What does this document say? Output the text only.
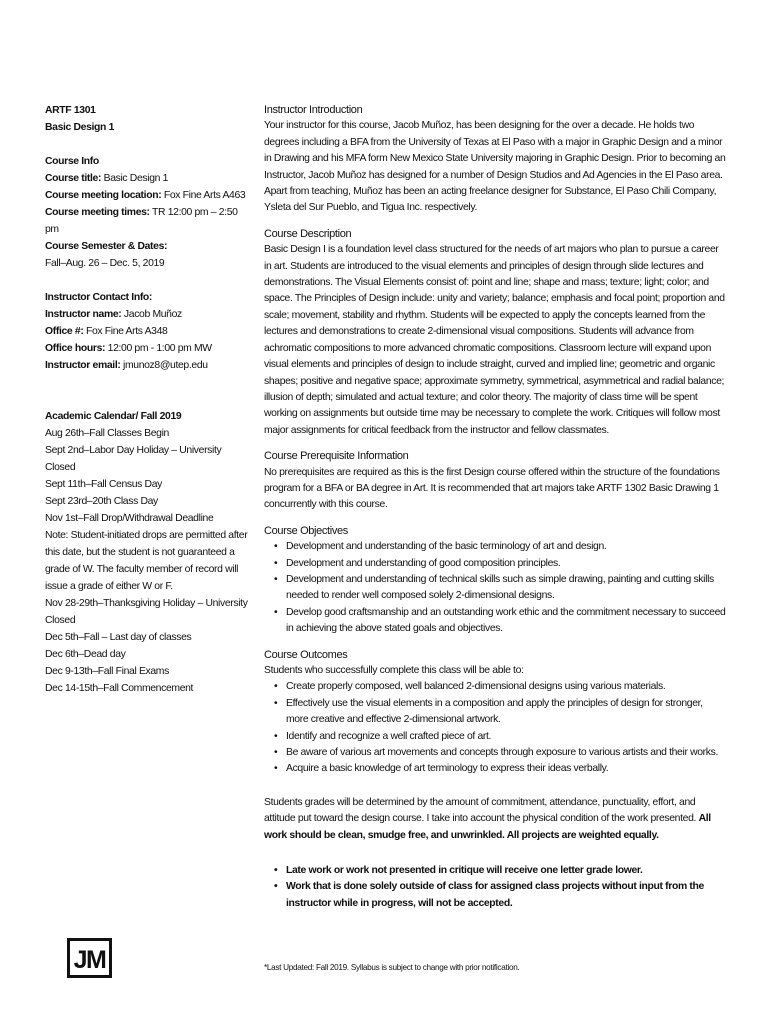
ARTF 1301
Basic Design 1
Course Info
Course title: Basic Design 1
Course meeting location: Fox Fine Arts A463
Course meeting times: TR 12:00 pm – 2:50 pm
Course Semester & Dates:
Fall–Aug. 26 – Dec. 5, 2019
Instructor Contact Info:
Instructor name: Jacob Muñoz
Office #: Fox Fine Arts A348
Office hours: 12:00 pm - 1:00 pm MW
Instructor email: jmunoz8@utep.edu
Academic Calendar/ Fall 2019
Aug 26th–Fall Classes Begin
Sept 2nd–Labor Day Holiday – University Closed
Sept 11th–Fall Census Day
Sept 23rd–20th Class Day
Nov 1st–Fall Drop/Withdrawal Deadline
Note: Student-initiated drops are permitted after this date, but the student is not guaranteed a grade of W. The faculty member of record will issue a grade of either W or F.
Nov 28-29th–Thanksgiving Holiday – University Closed
Dec 5th–Fall – Last day of classes
Dec 6th–Dead day
Dec 9-13th–Fall Final Exams
Dec 14-15th–Fall Commencement
Instructor Introduction
Your instructor for this course, Jacob Muñoz, has been designing for the over a decade. He holds two degrees including a BFA from the University of Texas at El Paso with a major in Graphic Design and a minor in Drawing and his MFA form New Mexico State University majoring in Graphic Design. Prior to becoming an Instructor, Jacob Muñoz has designed for a number of Design Studios and Ad Agencies in the El Paso area. Apart from teaching, Muñoz has been an acting freelance designer for Substance, El Paso Chili Company, Ysleta del Sur Pueblo, and Tigua Inc. respectively.
Course Description
Basic Design I is a foundation level class structured for the needs of art majors who plan to pursue a career in art. Students are introduced to the visual elements and principles of design through slide lectures and demonstrations. The Visual Elements consist of: point and line; shape and mass; texture; light; color; and space. The Principles of Design include: unity and variety; balance; emphasis and focal point; proportion and scale; movement, stability and rhythm. Students will be expected to apply the concepts learned from the lectures and demonstrations to create 2-dimensional visual compositions. Students will advance from achromatic compositions to more advanced chromatic compositions. Classroom lecture will expand upon visual elements and principles of design to include straight, curved and implied line; geometric and organic shapes; positive and negative space; approximate symmetry, symmetrical, asymmetrical and radial balance; illusion of depth; simulated and actual texture; and color theory. The majority of class time will be spent working on assignments but outside time may be necessary to complete the work. Critiques will follow most major assignments for critical feedback from the instructor and fellow classmates.
Course Prerequisite Information
No prerequisites are required as this is the first Design course offered within the structure of the foundations program for a BFA or BA degree in Art. It is recommended that art majors take ARTF 1302 Basic Drawing 1 concurrently with this course.
Course Objectives
• Development and understanding of the basic terminology of art and design.
• Development and understanding of good composition principles.
• Development and understanding of technical skills such as simple drawing, painting and cutting skills needed to render well composed solely 2-dimensional designs.
• Develop good craftsmanship and an outstanding work ethic and the commitment necessary to succeed in achieving the above stated goals and objectives.
Course Outcomes
Students who successfully complete this class will be able to:
• Create properly composed, well balanced 2-dimensional designs using various materials.
• Effectively use the visual elements in a composition and apply the principles of design for stronger, more creative and effective 2-dimensional artwork.
• Identify and recognize a well crafted piece of art.
• Be aware of various art movements and concepts through exposure to various artists and their works.
• Acquire a basic knowledge of art terminology to express their ideas verbally.
Students grades will be determined by the amount of commitment, attendance, punctuality, effort, and attitude put toward the design course. I take into account the physical condition of the work presented. All work should be clean, smudge free, and unwrinkled. All projects are weighted equally.
• Late work or work not presented in critique will receive one letter grade lower.
• Work that is done solely outside of class for assigned class projects without input from the instructor while in progress, will not be accepted.
JM	*Last Updated: Fall 2019. Syllabus is subject to change with prior notification.
